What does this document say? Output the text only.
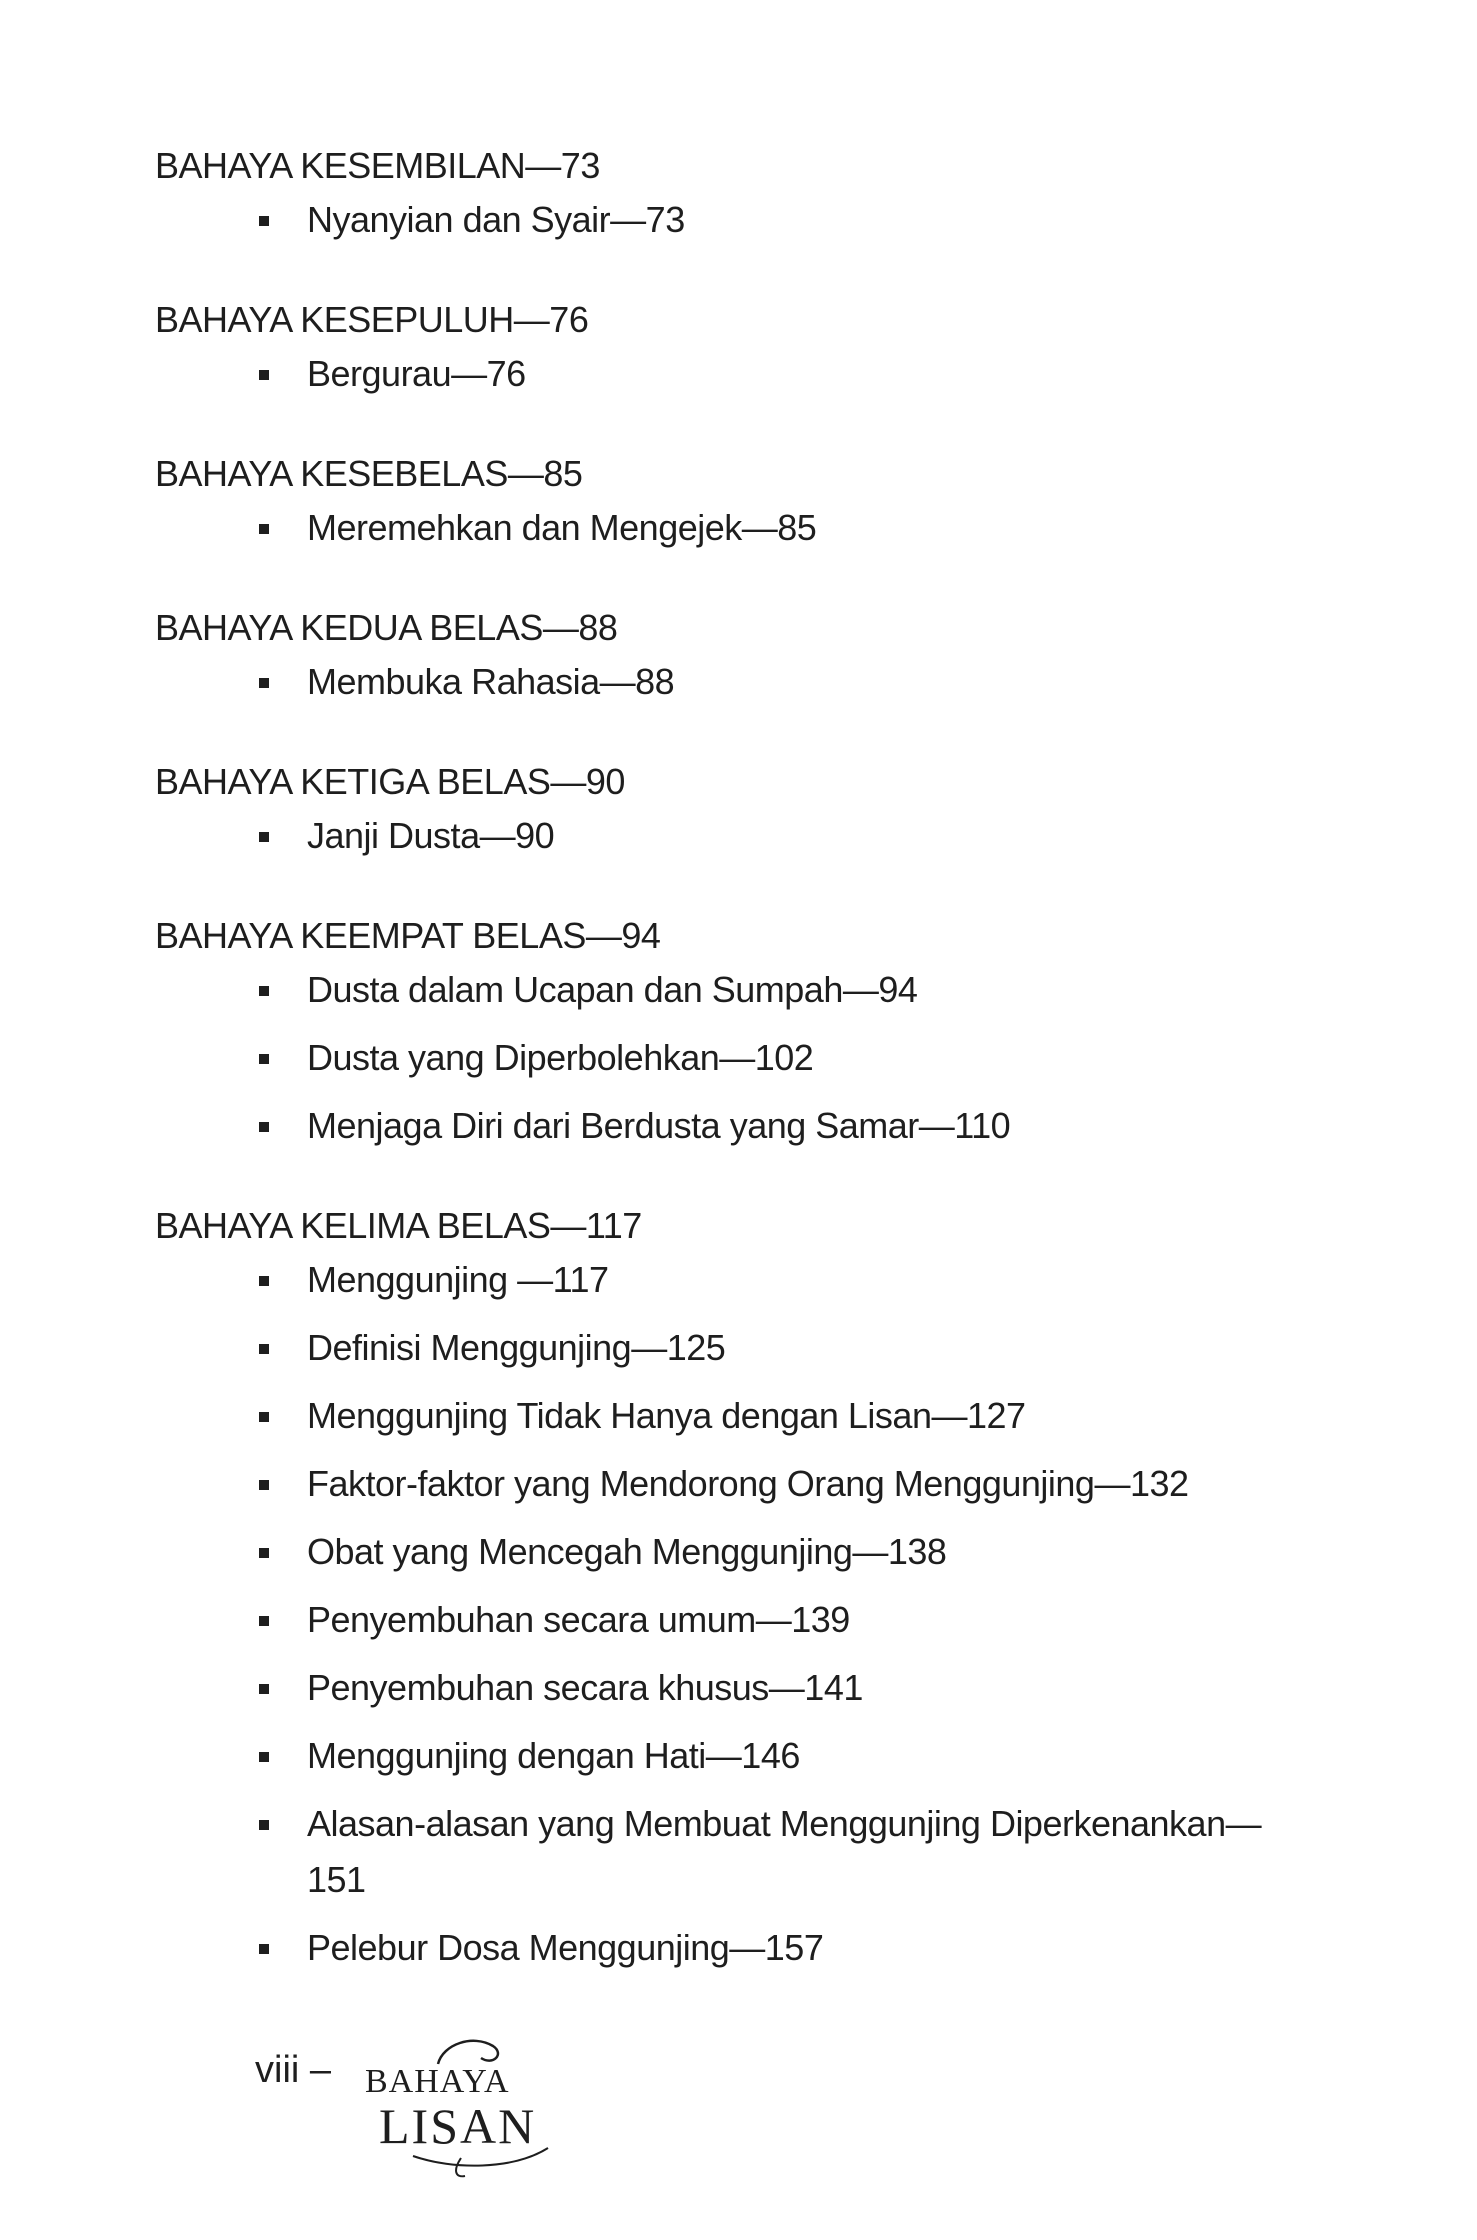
BAHAYA KESEMBILAN—73
Nyanyian dan Syair—73
BAHAYA KESEPULUH—76
Bergurau—76
BAHAYA KESEBELAS—85
Meremehkan dan Mengejek—85
BAHAYA KEDUA BELAS—88
Membuka Rahasia—88
BAHAYA KETIGA BELAS—90
Janji Dusta—90
BAHAYA KEEMPAT BELAS—94
Dusta dalam Ucapan dan Sumpah—94
Dusta yang Diperbolehkan—102
Menjaga Diri dari Berdusta yang Samar—110
BAHAYA KELIMA BELAS—117
Menggunjing —117
Definisi Menggunjing—125
Menggunjing Tidak Hanya dengan Lisan—127
Faktor-faktor yang Mendorong Orang Menggunjing—132
Obat yang Mencegah Menggunjing—138
Penyembuhan secara umum—139
Penyembuhan secara khusus—141
Menggunjing dengan Hati—146
Alasan-alasan yang Membuat Menggunjing Diperkenankan—151
Pelebur Dosa Menggunjing—157
viii – BAHAYA
LISAN
